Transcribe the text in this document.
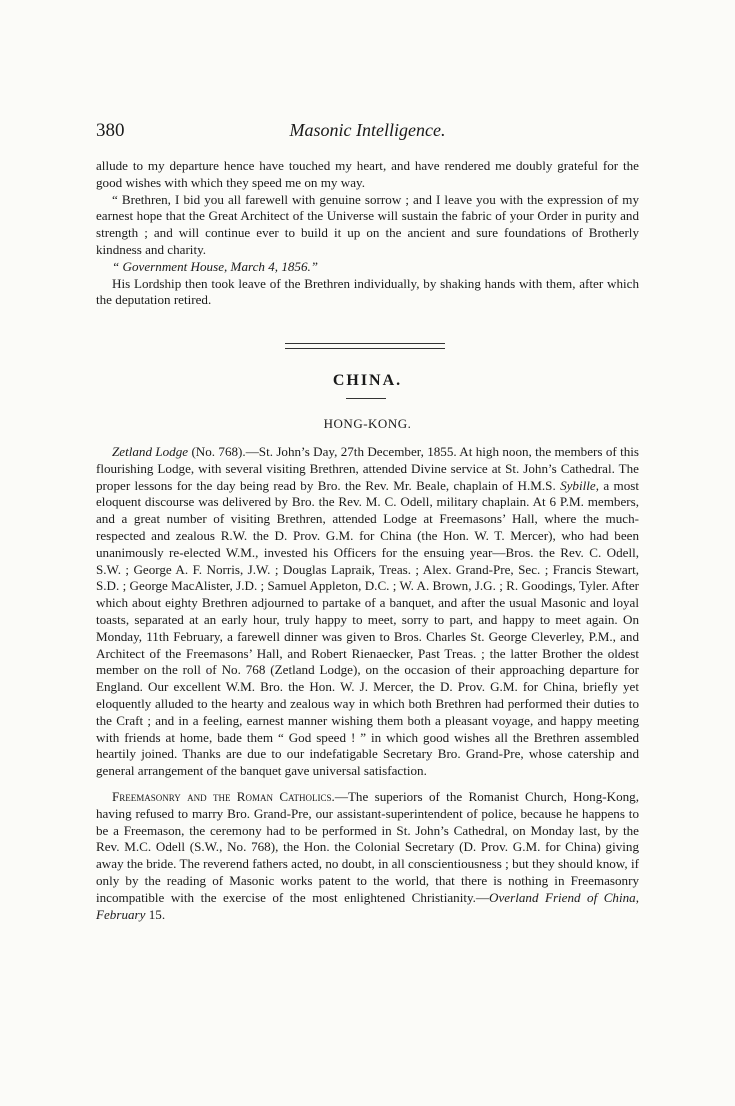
380	Masonic Intelligence.

allude to my departure hence have touched my heart, and have rendered me doubly grateful for the good wishes with which they speed me on my way.

“ Brethren, I bid you all farewell with genuine sorrow ; and I leave you with the expression of my earnest hope that the Great Architect of the Universe will sustain the fabric of your Order in purity and strength ; and will continue ever to build it up on the ancient and sure foundations of Brotherly kindness and charity.

“ Government House, March 4, 1856.”

His Lordship then took leave of the Brethren individually, by shaking hands with them, after which the deputation retired.

CHINA.
HONG-KONG.

Zetland Lodge (No. 768).—St. John’s Day, 27th December, 1855. At high noon, the members of this flourishing Lodge, with several visiting Brethren, attended Divine service at St. John’s Cathedral. The proper lessons for the day being read by Bro. the Rev. Mr. Beale, chaplain of H.M.S. Sybille, a most eloquent discourse was delivered by Bro. the Rev. M. C. Odell, military chaplain. At 6 P.M. members, and a great number of visiting Brethren, attended Lodge at Freemasons’ Hall, where the much-respected and zealous R.W. the D. Prov. G.M. for China (the Hon. W. T. Mercer), who had been unanimously re-elected W.M., invested his Officers for the ensuing year—Bros. the Rev. C. Odell, S.W. ; George A. F. Norris, J.W. ; Douglas Lapraik, Treas. ; Alex. Grand-Pre, Sec. ; Francis Stewart, S.D. ; George MacAlister, J.D. ; Samuel Appleton, D.C. ; W. A. Brown, J.G. ; R. Goodings, Tyler. After which about eighty Brethren adjourned to partake of a banquet, and after the usual Masonic and loyal toasts, separated at an early hour, truly happy to meet, sorry to part, and happy to meet again. On Monday, 11th February, a farewell dinner was given to Bros. Charles St. George Cleverley, P.M., and Architect of the Freemasons’ Hall, and Robert Rienaecker, Past Treas. ; the latter Brother the oldest member on the roll of No. 768 (Zetland Lodge), on the occasion of their approaching departure for England. Our excellent W.M. Bro. the Hon. W. J. Mercer, the D. Prov. G.M. for China, briefly yet eloquently alluded to the hearty and zealous way in which both Brethren had performed their duties to the Craft ; and in a feeling, earnest manner wishing them both a pleasant voyage, and happy meeting with friends at home, bade them “ God speed ! ” in which good wishes all the Brethren assembled heartily joined. Thanks are due to our indefatigable Secretary Bro. Grand-Pre, whose catership and general arrangement of the banquet gave universal satisfaction.

Freemasonry and the Roman Catholics.—The superiors of the Romanist Church, Hong-Kong, having refused to marry Bro. Grand-Pre, our assistant-superintendent of police, because he happens to be a Freemason, the ceremony had to be performed in St. John’s Cathedral, on Monday last, by the Rev. M.C. Odell (S.W., No. 768), the Hon. the Colonial Secretary (D. Prov. G.M. for China) giving away the bride. The reverend fathers acted, no doubt, in all conscientiousness ; but they should know, if only by the reading of Masonic works patent to the world, that there is nothing in Freemasonry incompatible with the exercise of the most enlightened Christianity.—Overland Friend of China, February 15.
